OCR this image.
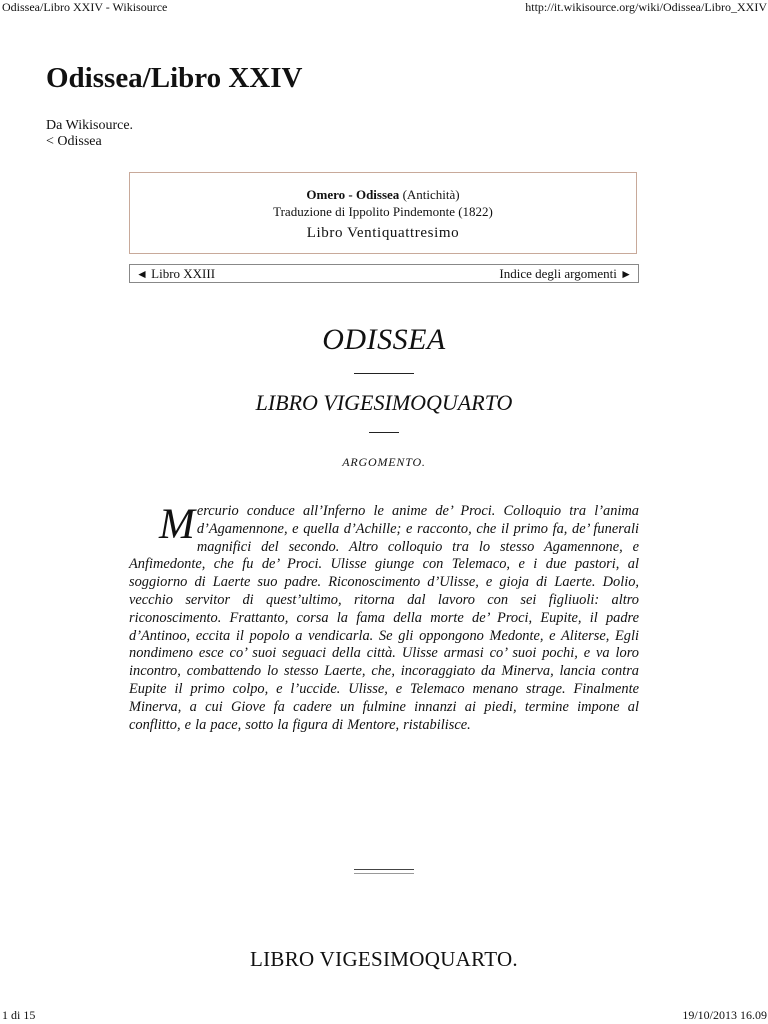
Odissea/Libro XXIV - Wikisource	http://it.wikisource.org/wiki/Odissea/Libro_XXIV
Odissea/Libro XXIV
Da Wikisource.
< Odissea
Omero - Odissea (Antichità)
Traduzione di Ippolito Pindemonte (1822)
Libro Ventiquattresimo
◄ Libro XXIII	Indice degli argomenti ►
ODISSEA
LIBRO VIGESIMOQUARTO
ARGOMENTO.

Mercurio conduce all’Inferno le anime de’ Proci. Colloquio tra l’anima d’Agamennone, e quella d’Achille; e racconto, che il primo fa, de’ funerali magnifici del secondo. Altro colloquio tra lo stesso Agamennone, e Anfimedonte, che fu de’ Proci. Ulisse giunge con Telemaco, e i due pastori, al soggiorno di Laerte suo padre. Riconoscimento d’Ulisse, e gioja di Laerte. Dolio, vecchio servitor di quest’ultimo, ritorna dal lavoro con sei figliuoli: altro riconoscimento. Frattanto, corsa la fama della morte de’ Proci, Eupite, il padre d’Antinoo, eccita il popolo a vendicarla. Se gli oppongono Medonte, e Aliterse, Egli nondimeno esce co’ suoi seguaci della città. Ulisse armasi co’ suoi pochi, e va loro incontro, combattendo lo stesso Laerte, che, incoraggiato da Minerva, lancia contra Eupite il primo colpo, e l’uccide. Ulisse, e Telemaco menano strage. Finalmente Minerva, a cui Giove fa cadere un fulmine innanzi ai piedi, termine impone al conflitto, e la pace, sotto la figura di Mentore, ristabilisce.

LIBRO VIGESIMOQUARTO.
1 di 15	19/10/2013 16.09
